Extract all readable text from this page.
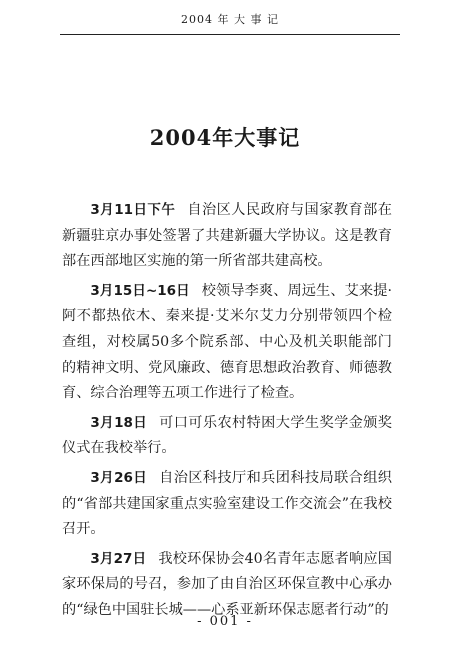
2004 年 大 事 记
2004年大事记

3月11日下午 自治区人民政府与国家教育部在新疆驻京办事处签署了共建新疆大学协议。这是教育部在西部地区实施的第一所省部共建高校。

3月15日~16日 校领导李爽、周远生、艾来提·阿不都热依木、秦来提·艾米尔艾力分别带领四个检查组，对校属50多个院系部、中心及机关职能部门的精神文明、党风廉政、德育思想政治教育、师德教育、综合治理等五项工作进行了检查。

3月18日 可口可乐农村特困大学生奖学金颁奖仪式在我校举行。

3月26日 自治区科技厅和兵团科技局联合组织的“省部共建国家重点实验室建设工作交流会”在我校召开。

3月27日 我校环保协会40名青年志愿者响应国家环保局的号召，参加了由自治区环保宣教中心承办的“绿色中国驻长城——心系亚新环保志愿者行动”的

- 001 -
